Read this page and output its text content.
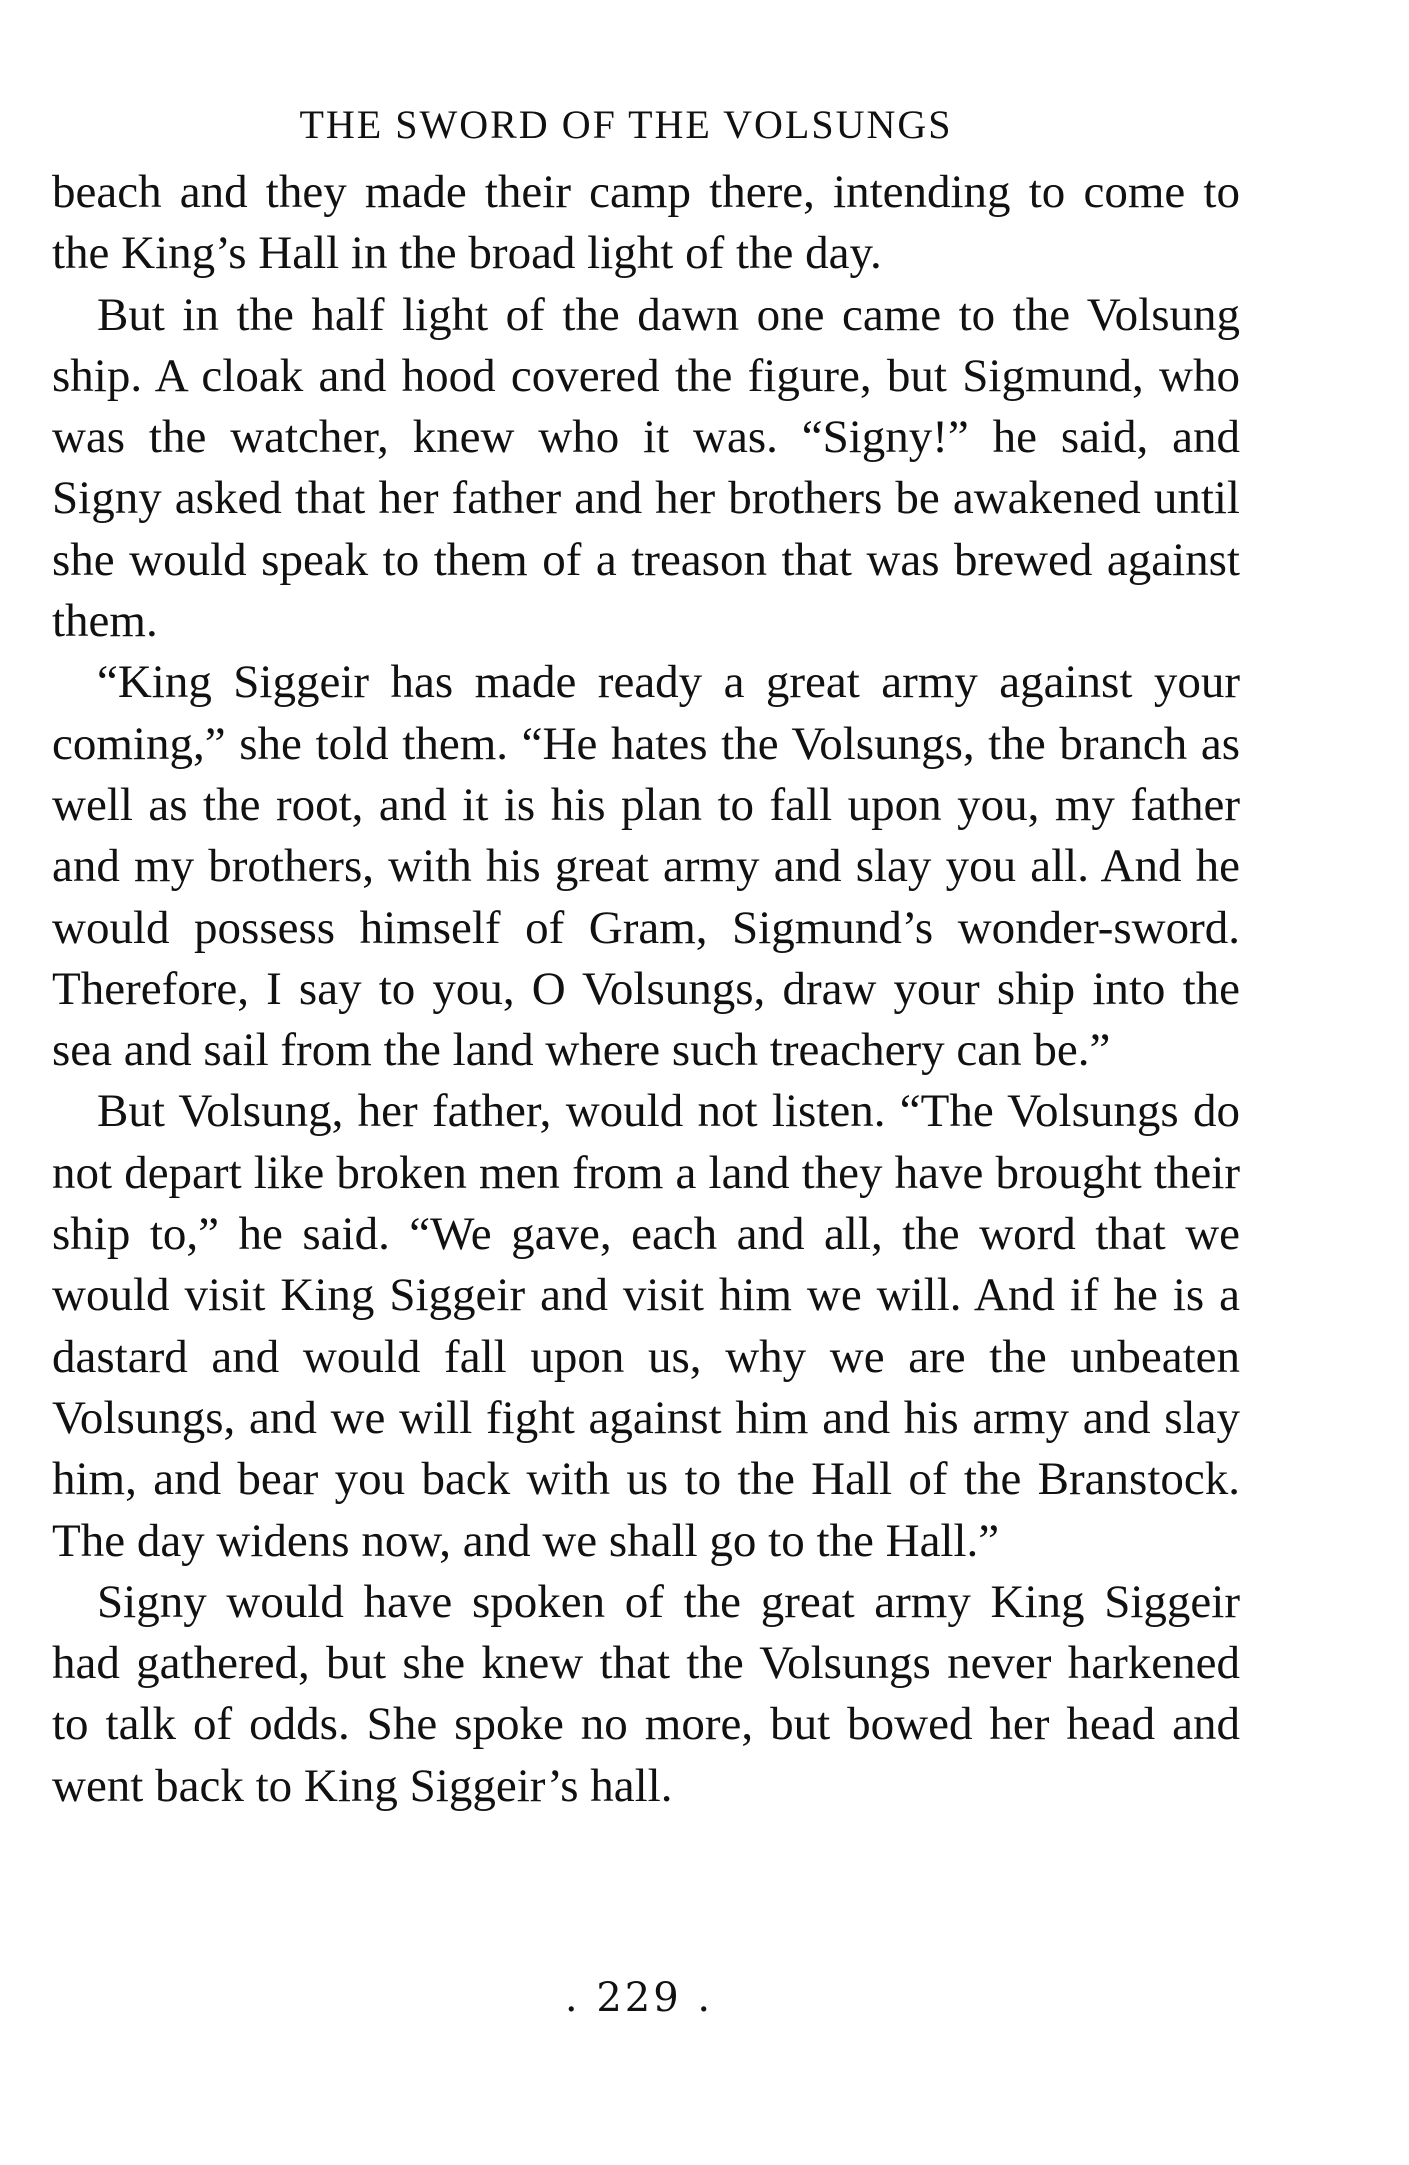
THE SWORD OF THE VOLSUNGS

beach and they made their camp there, intending to come to the King’s Hall in the broad light of the day.

But in the half light of the dawn one came to the Volsung ship. A cloak and hood covered the figure, but Sigmund, who was the watcher, knew who it was. “Signy!” he said, and Signy asked that her father and her brothers be awakened until she would speak to them of a treason that was brewed against them.

“King Siggeir has made ready a great army against your coming,” she told them. “He hates the Volsungs, the branch as well as the root, and it is his plan to fall upon you, my father and my brothers, with his great army and slay you all. And he would possess himself of Gram, Sigmund’s wonder-sword. Therefore, I say to you, O Volsungs, draw your ship into the sea and sail from the land where such treachery can be.”

But Volsung, her father, would not listen. “The Volsungs do not depart like broken men from a land they have brought their ship to,” he said. “We gave, each and all, the word that we would visit King Siggeir and visit him we will. And if he is a dastard and would fall upon us, why we are the unbeaten Volsungs, and we will fight against him and his army and slay him, and bear you back with us to the Hall of the Branstock. The day widens now, and we shall go to the Hall.”

Signy would have spoken of the great army King Siggeir had gathered, but she knew that the Volsungs never harkened to talk of odds. She spoke no more, but bowed her head and went back to King Siggeir’s hall.

. 229 .
